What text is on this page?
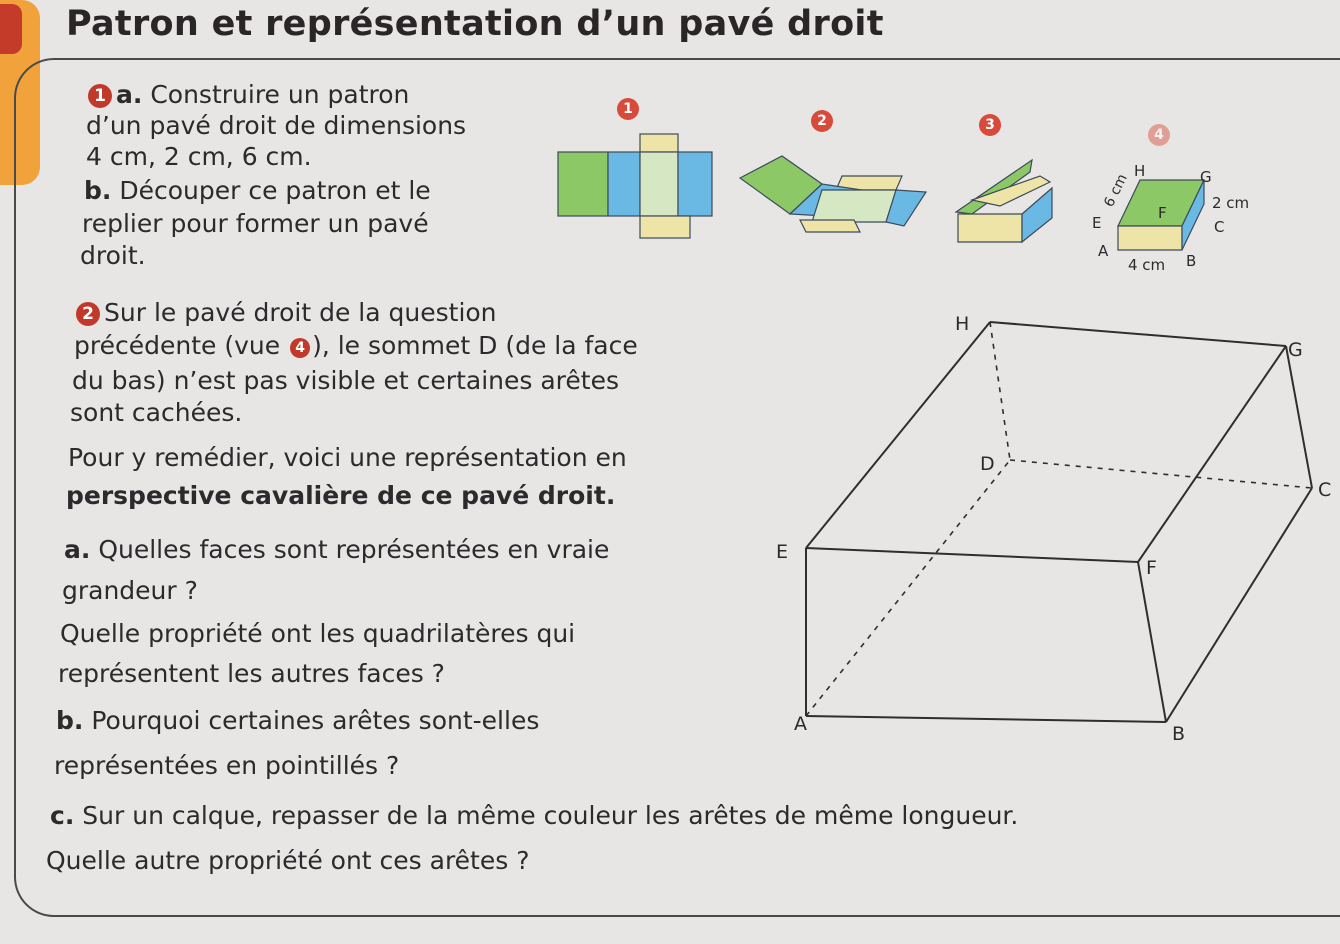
Patron et représentation d’un pavé droit
1 a. Construire un patron
d’un pavé droit de dimensions
4 cm, 2 cm, 6 cm.
b. Découper ce patron et le
replier pour former un pavé
droit.
1
2	3
4
H	G
E
F
C
A
B
6 cm	2 cm
4 cm
H
G
D
C
E
F
A	B
2 Sur le pavé droit de la question
précédente (vue 4 ), le sommet D (de la face
du bas) n’est pas visible et certaines arêtes
sont cachées.
Pour y remédier, voici une représentation en
perspective cavalière de ce pavé droit.
a. Quelles faces sont représentées en vraie
grandeur ?
Quelle propriété ont les quadrilatères qui
représentent les autres faces ?
b. Pourquoi certaines arêtes sont-elles
représentées en pointillés ?
c. Sur un calque, repasser de la même couleur les arêtes de même longueur.
Quelle autre propriété ont ces arêtes ?
